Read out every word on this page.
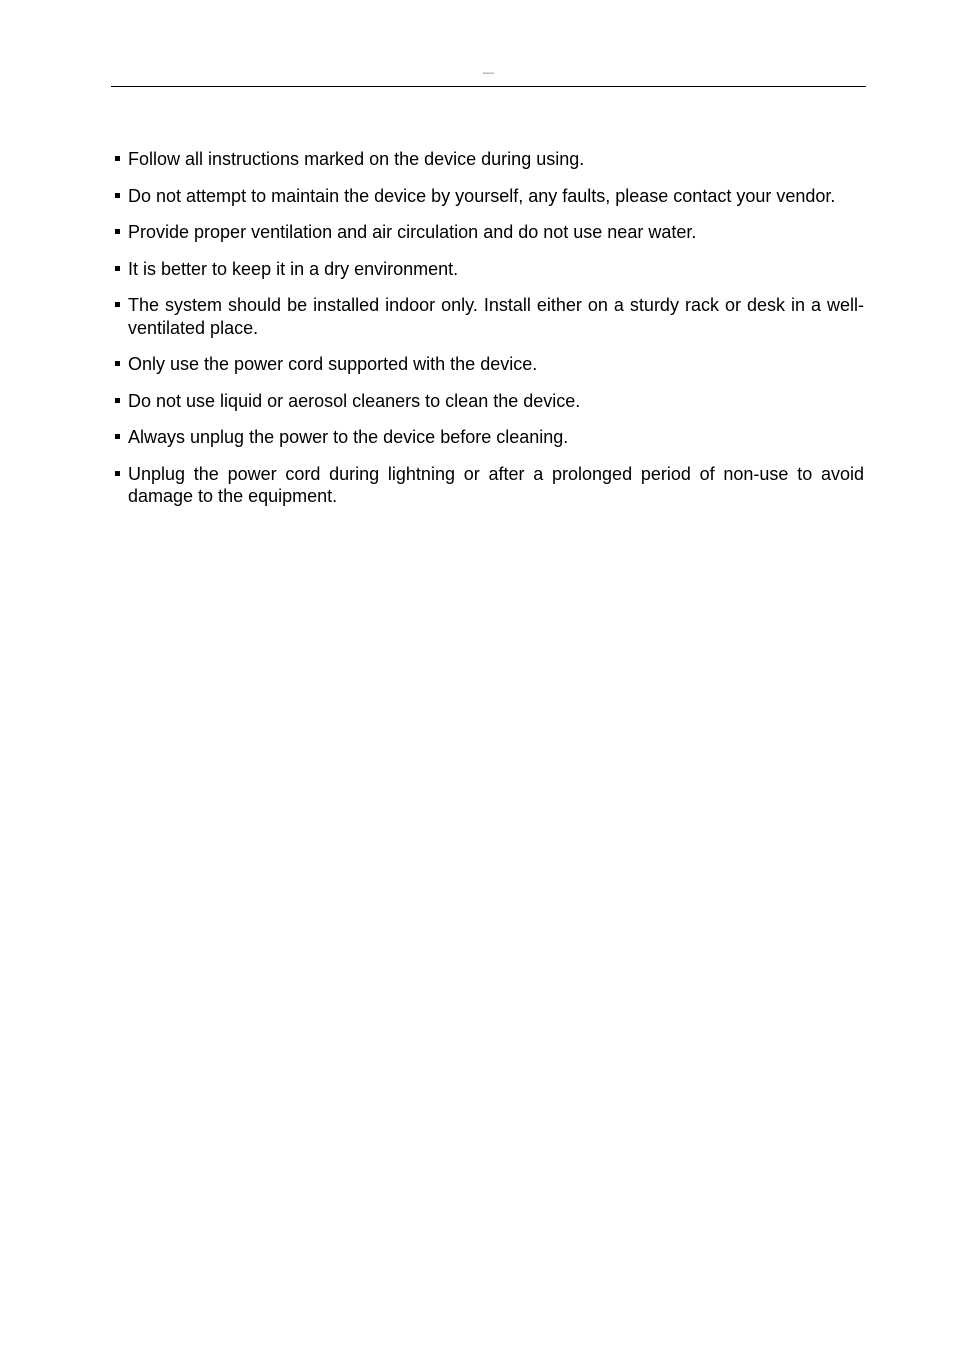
—
Follow all instructions marked on the device during using.
Do not attempt to maintain the device by yourself, any faults, please contact your vendor.
Provide proper ventilation and air circulation and do not use near water.
It is better to keep it in a dry environment.
The system should be installed indoor only. Install either on a sturdy rack or desk in a well-ventilated place.
Only use the power cord supported with the device.
Do not use liquid or aerosol cleaners to clean the device.
Always unplug the power to the device before cleaning.
Unplug the power cord during lightning or after a prolonged period of non-use to avoid damage to the equipment.
